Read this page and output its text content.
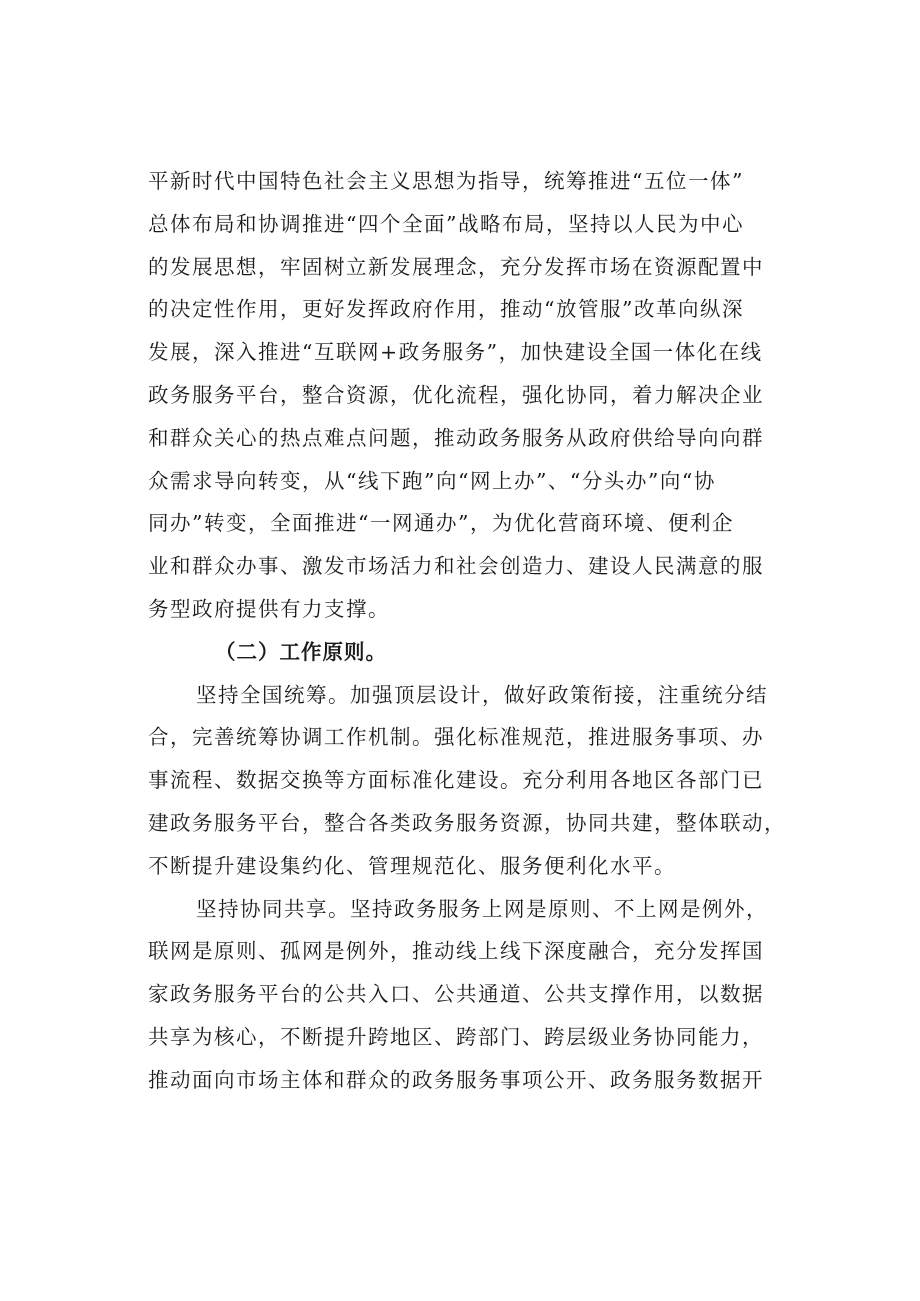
平新时代中国特色社会主义思想为指导，统筹推进“五位一体”
总体布局和协调推进“四个全面”战略布局，坚持以人民为中心
的发展思想，牢固树立新发展理念，充分发挥市场在资源配置中
的决定性作用，更好发挥政府作用，推动“放管服”改革向纵深
发展，深入推进“互联网+政务服务”，加快建设全国一体化在线
政务服务平台，整合资源，优化流程，强化协同，着力解决企业
和群众关心的热点难点问题，推动政务服务从政府供给导向向群
众需求导向转变，从“线下跑”向“网上办”、“分头办”向“协
同办”转变，全面推进“一网通办”，为优化营商环境、便利企
业和群众办事、激发市场活力和社会创造力、建设人民满意的服
务型政府提供有力支撑。
（二）工作原则。
坚持全国统筹。加强顶层设计，做好政策衔接，注重统分结
合，完善统筹协调工作机制。强化标准规范，推进服务事项、办
事流程、数据交换等方面标准化建设。充分利用各地区各部门已
建政务服务平台，整合各类政务服务资源，协同共建，整体联动，
不断提升建设集约化、管理规范化、服务便利化水平。
坚持协同共享。坚持政务服务上网是原则、不上网是例外，
联网是原则、孤网是例外，推动线上线下深度融合，充分发挥国
家政务服务平台的公共入口、公共通道、公共支撑作用，以数据
共享为核心，不断提升跨地区、跨部门、跨层级业务协同能力，
推动面向市场主体和群众的政务服务事项公开、政务服务数据开
